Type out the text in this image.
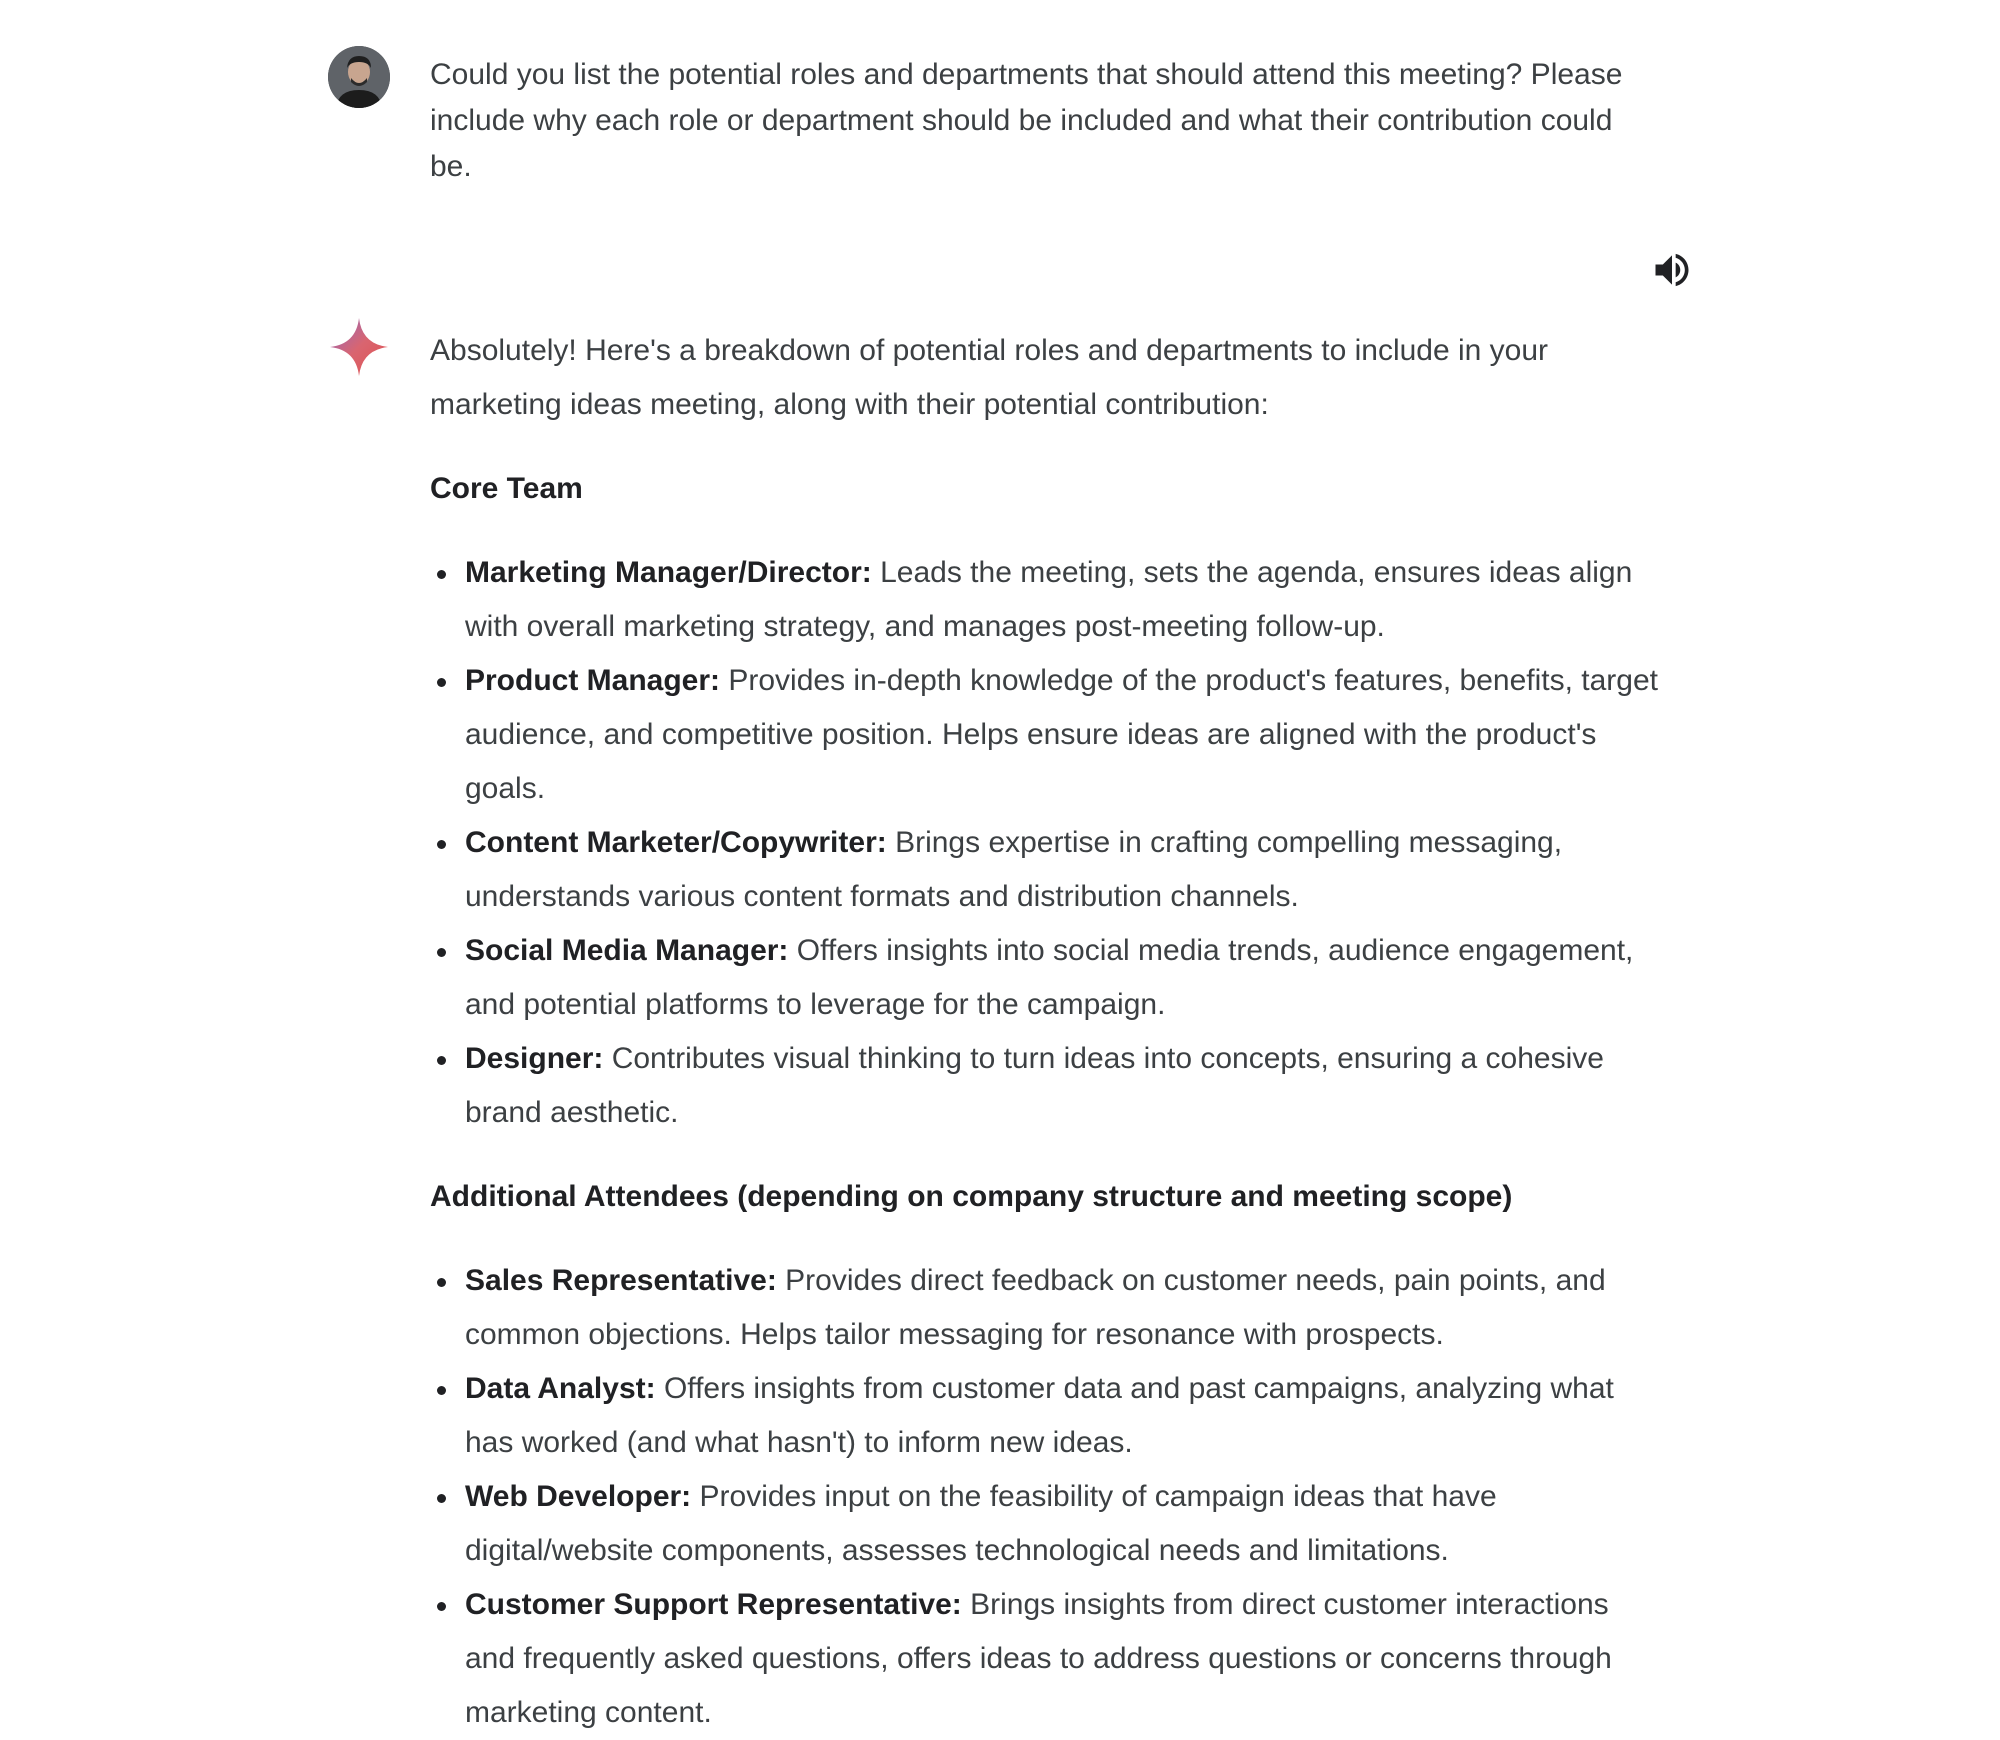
Could you list the potential roles and departments that should attend this meeting? Please include why each role or department should be included and what their contribution could be.

Absolutely! Here's a breakdown of potential roles and departments to include in your marketing ideas meeting, along with their potential contribution:

Core Team

Marketing Manager/Director: Leads the meeting, sets the agenda, ensures ideas align with overall marketing strategy, and manages post-meeting follow-up.
Product Manager: Provides in-depth knowledge of the product's features, benefits, target audience, and competitive position. Helps ensure ideas are aligned with the product's goals.
Content Marketer/Copywriter: Brings expertise in crafting compelling messaging, understands various content formats and distribution channels.
Social Media Manager: Offers insights into social media trends, audience engagement, and potential platforms to leverage for the campaign.
Designer: Contributes visual thinking to turn ideas into concepts, ensuring a cohesive brand aesthetic.

Additional Attendees (depending on company structure and meeting scope)

Sales Representative: Provides direct feedback on customer needs, pain points, and common objections. Helps tailor messaging for resonance with prospects.
Data Analyst: Offers insights from customer data and past campaigns, analyzing what has worked (and what hasn't) to inform new ideas.
Web Developer: Provides input on the feasibility of campaign ideas that have digital/website components, assesses technological needs and limitations.
Customer Support Representative: Brings insights from direct customer interactions and frequently asked questions, offers ideas to address questions or concerns through marketing content.
